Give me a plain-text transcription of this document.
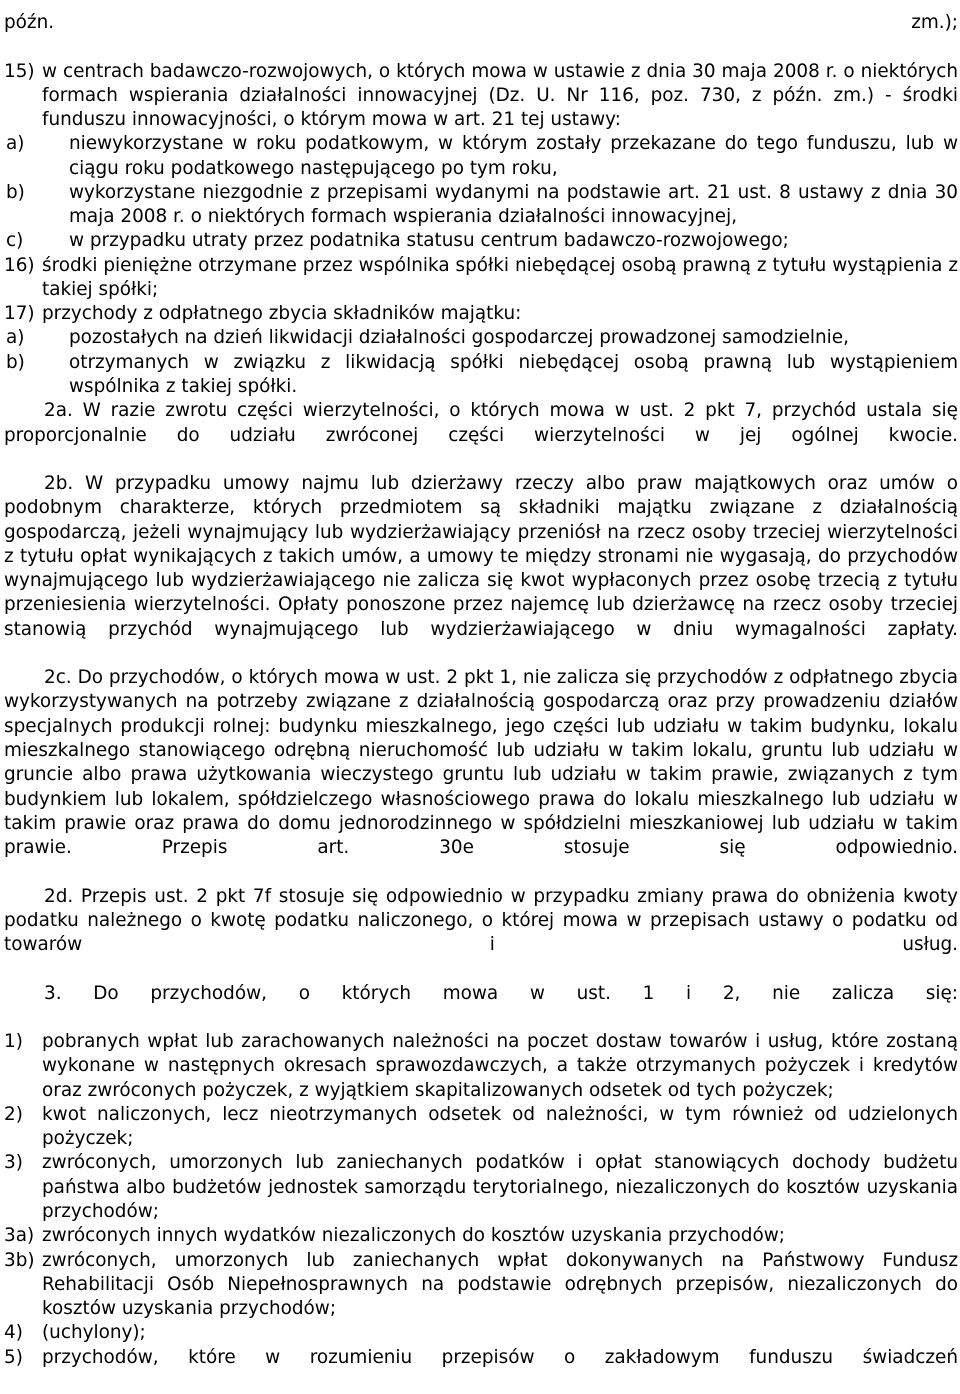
późn. zm.);

15) w centrach badawczo-rozwojowych, o których mowa w ustawie z dnia 30 maja 2008 r. o niektórych formach wspierania działalności innowacyjnej (Dz. U. Nr 116, poz. 730, z późn. zm.) - środki funduszu innowacyjności, o którym mowa w art. 21 tej ustawy:
a) niewykorzystane w roku podatkowym, w którym zostały przekazane do tego funduszu, lub w ciągu roku podatkowego następującego po tym roku,
b) wykorzystane niezgodnie z przepisami wydanymi na podstawie art. 21 ust. 8 ustawy z dnia 30 maja 2008 r. o niektórych formach wspierania działalności innowacyjnej,
c) w przypadku utraty przez podatnika statusu centrum badawczo-rozwojowego;
16) środki pieniężne otrzymane przez wspólnika spółki niebędącej osobą prawną z tytułu wystąpienia z takiej spółki;
17) przychody z odpłatnego zbycia składników majątku:
a) pozostałych na dzień likwidacji działalności gospodarczej prowadzonej samodzielnie,
b) otrzymanych w związku z likwidacją spółki niebędącej osobą prawną lub wystąpieniem wspólnika z takiej spółki.

2a. W razie zwrotu części wierzytelności, o których mowa w ust. 2 pkt 7, przychód ustala się proporcjonalnie do udziału zwróconej części wierzytelności w jej ogólnej kwocie.

2b. W przypadku umowy najmu lub dzierżawy rzeczy albo praw majątkowych oraz umów o podobnym charakterze, których przedmiotem są składniki majątku związane z działalnością gospodarczą, jeżeli wynajmujący lub wydzierżawiający przeniósł na rzecz osoby trzeciej wierzytelności z tytułu opłat wynikających z takich umów, a umowy te między stronami nie wygasają, do przychodów wynajmującego lub wydzierżawiającego nie zalicza się kwot wypłaconych przez osobę trzecią z tytułu przeniesienia wierzytelności. Opłaty ponoszone przez najemcę lub dzierżawcę na rzecz osoby trzeciej stanowią przychód wynajmującego lub wydzierżawiającego w dniu wymagalności zapłaty.

2c. Do przychodów, o których mowa w ust. 2 pkt 1, nie zalicza się przychodów z odpłatnego zbycia wykorzystywanych na potrzeby związane z działalnością gospodarczą oraz przy prowadzeniu działów specjalnych produkcji rolnej: budynku mieszkalnego, jego części lub udziału w takim budynku, lokalu mieszkalnego stanowiącego odrębną nieruchomość lub udziału w takim lokalu, gruntu lub udziału w gruncie albo prawa użytkowania wieczystego gruntu lub udziału w takim prawie, związanych z tym budynkiem lub lokalem, spółdzielczego własnościowego prawa do lokalu mieszkalnego lub udziału w takim prawie oraz prawa do domu jednorodzinnego w spółdzielni mieszkaniowej lub udziału w takim prawie. Przepis art. 30e stosuje się odpowiednio.

2d. Przepis ust. 2 pkt 7f stosuje się odpowiednio w przypadku zmiany prawa do obniżenia kwoty podatku należnego o kwotę podatku naliczonego, o której mowa w przepisach ustawy o podatku od towarów i usług.

3. Do przychodów, o których mowa w ust. 1 i 2, nie zalicza się:

1) pobranych wpłat lub zarachowanych należności na poczet dostaw towarów i usług, które zostaną wykonane w następnych okresach sprawozdawczych, a także otrzymanych pożyczek i kredytów oraz zwróconych pożyczek, z wyjątkiem skapitalizowanych odsetek od tych pożyczek;
2) kwot naliczonych, lecz nieotrzymanych odsetek od należności, w tym również od udzielonych pożyczek;
3) zwróconych, umorzonych lub zaniechanych podatków i opłat stanowiących dochody budżetu państwa albo budżetów jednostek samorządu terytorialnego, niezaliczonych do kosztów uzyskania przychodów;
3a) zwróconych innych wydatków niezaliczonych do kosztów uzyskania przychodów;
3b) zwróconych, umorzonych lub zaniechanych wpłat dokonywanych na Państwowy Fundusz Rehabilitacji Osób Niepełnosprawnych na podstawie odrębnych przepisów, niezaliczonych do kosztów uzyskania przychodów;
4) (uchylony);
5) przychodów, które w rozumieniu przepisów o zakładowym funduszu świadczeń
